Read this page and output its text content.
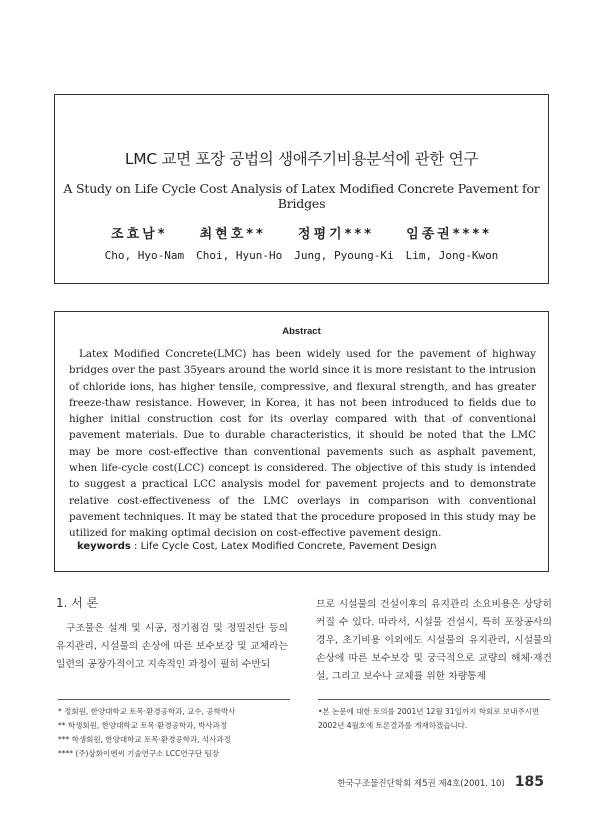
LMC 교면 포장 공법의 생애주기비용분석에 관한 연구
A Study on Life Cycle Cost Analysis of Latex Modified Concrete Pavement for Bridges
조효남* 최현호** 정평기*** 임종권****
Cho, Hyo-Nam Choi, Hyun-Ho Jung, Pyoung-Ki Lim, Jong-Kwon
Abstract
Latex Modified Concrete(LMC) has been widely used for the pavement of highway bridges over the past 35years around the world since it is more resistant to the intrusion of chloride ions, has higher tensile, compressive, and flexural strength, and has greater freeze-thaw resistance. However, in Korea, it has not been introduced to fields due to higher initial construction cost for its overlay compared with that of conventional pavement materials. Due to durable characteristics, it should be noted that the LMC may be more cost-effective than conventional pavements such as asphalt pavement, when life-cycle cost(LCC) concept is considered. The objective of this study is intended to suggest a practical LCC analysis model for pavement projects and to demonstrate relative cost-effectiveness of the LMC overlays in comparison with conventional pavement techniques. It may be stated that the procedure proposed in this study may be utilized for making optimal decision on cost-effective pavement design.
keywords : Life Cycle Cost, Latex Modified Concrete, Pavement Design
1. 서 론
구조물은 설계 및 시공, 정기점검 및 정밀진단 등의 유지관리, 시설물의 손상에 따른 보수보강 및 교체라는 일련의 공장가적이고 지속적인 과정이 필히 수반되
므로 시설물의 건설이후의 유지관리 소요비용은 상당히 커질 수 있다. 따라서, 시설물 건설시, 특히 포장공사의 경우, 초기비용 이외에도 시설물의 유지관리, 시설물의 손상에 따른 보수보강 및 궁극적으로 교량의 해체·재건설, 그리고 보수나 교체를 위한 차량통제
* 정회원, 한양대학교 토목·환경공학과, 교수, 공학박사
** 학생회원, 한양대학교 토목·환경공학과, 박사과정
*** 학생회원, 한양대학교 토목·환경공학과, 석사과정
**** (주)삼화이엔씨 기술연구소 LCC연구단 팀장
•본 논문에 대한 토의를 2001년 12월 31일까지 학회로 보내주시면 2002년 4월호에 토론결과를 게재하겠습니다.
한국구조물진단학회 제5권 제4호(2001. 10) 185
